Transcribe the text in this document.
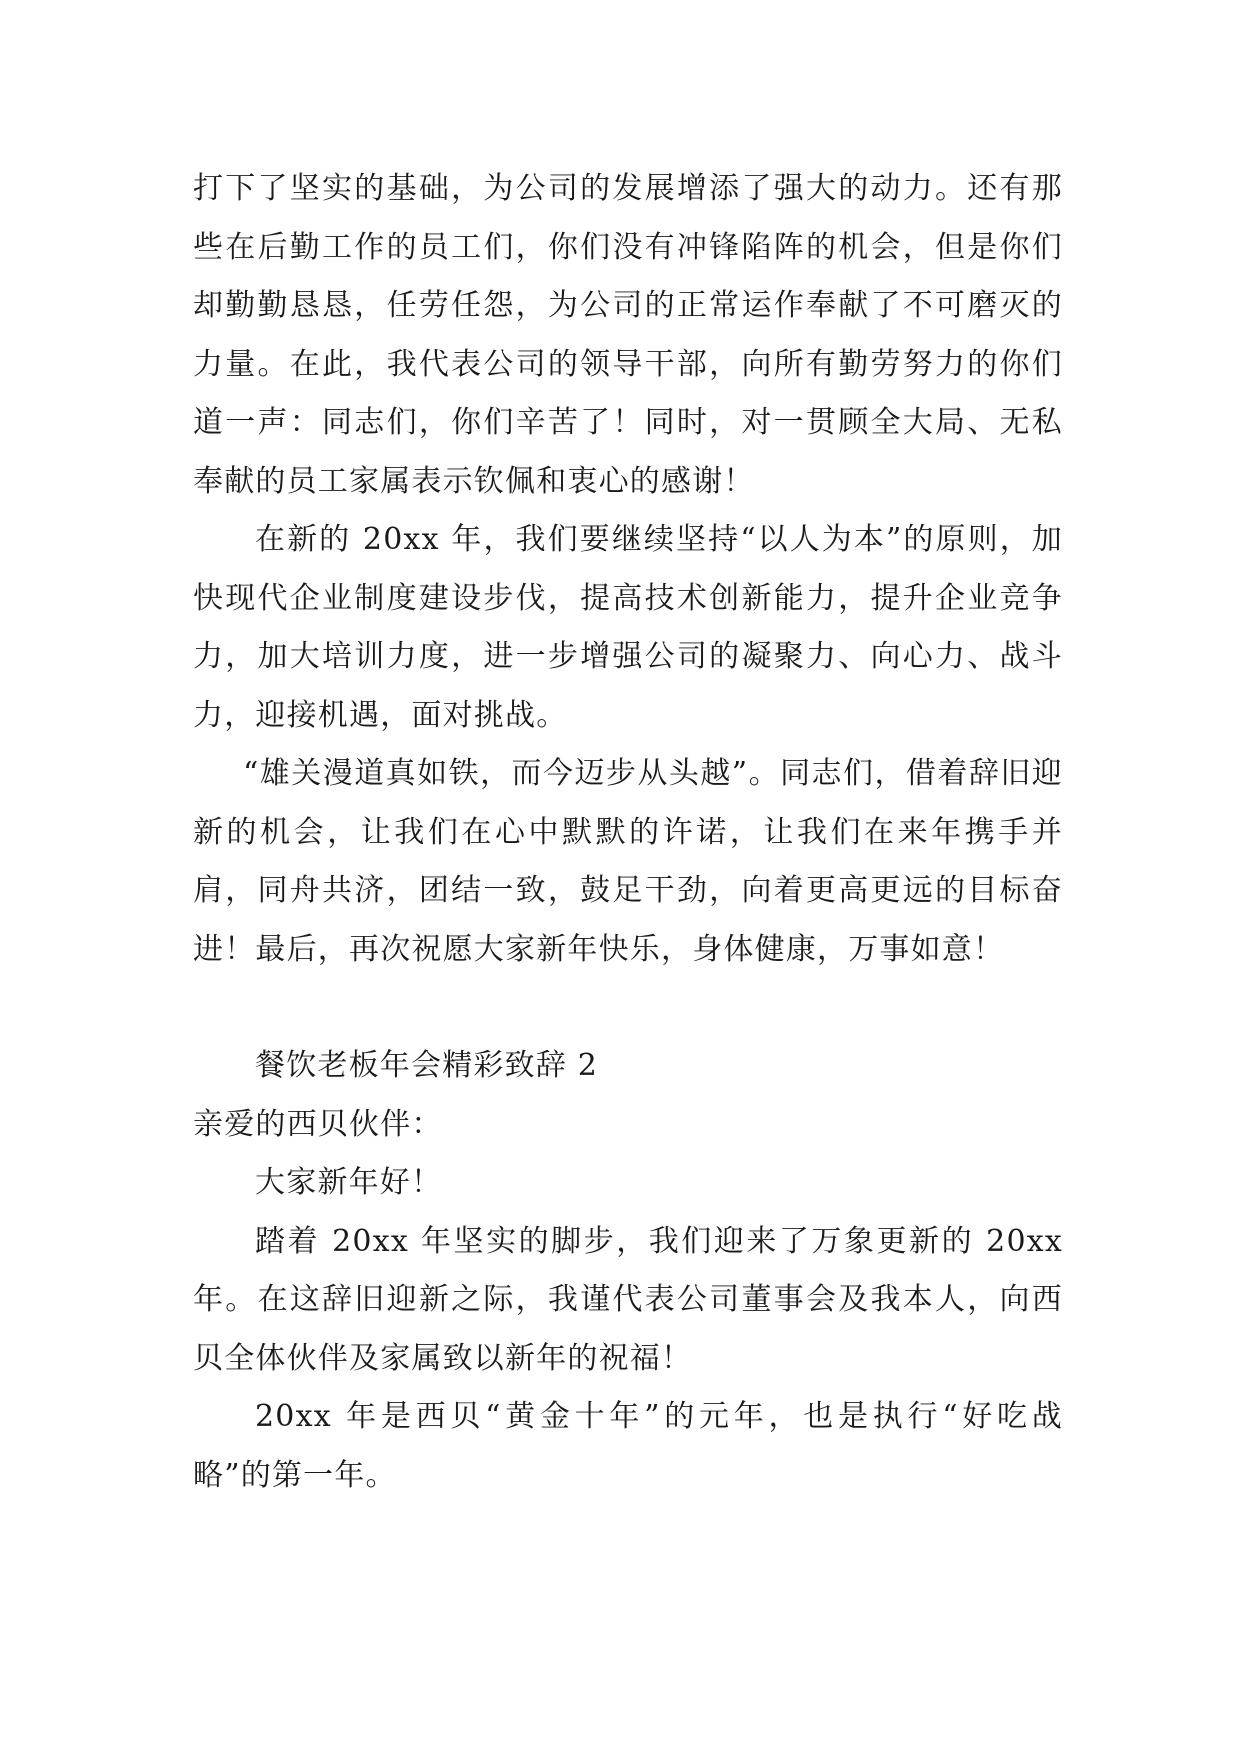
打下了坚实的基础，为公司的发展增添了强大的动力。还有那些在后勤工作的员工们，你们没有冲锋陷阵的机会，但是你们却勤勤恳恳，任劳任怨，为公司的正常运作奉献了不可磨灭的力量。在此，我代表公司的领导干部，向所有勤劳努力的你们道一声：同志们，你们辛苦了！同时，对一贯顾全大局、无私奉献的员工家属表示钦佩和衷心的感谢！

在新的 20xx 年，我们要继续坚持“以人为本”的原则，加快现代企业制度建设步伐，提高技术创新能力，提升企业竞争力，加大培训力度，进一步增强公司的凝聚力、向心力、战斗力，迎接机遇，面对挑战。

“雄关漫道真如铁，而今迈步从头越”。同志们，借着辞旧迎新的机会，让我们在心中默默的许诺，让我们在来年携手并肩，同舟共济，团结一致，鼓足干劲，向着更高更远的目标奋进！最后，再次祝愿大家新年快乐，身体健康，万事如意！

餐饮老板年会精彩致辞 2

亲爱的西贝伙伴：

大家新年好！

踏着 20xx 年坚实的脚步，我们迎来了万象更新的 20xx 年。在这辞旧迎新之际，我谨代表公司董事会及我本人，向西贝全体伙伴及家属致以新年的祝福！

20xx 年是西贝“黄金十年”的元年，也是执行“好吃战略”的第一年。
